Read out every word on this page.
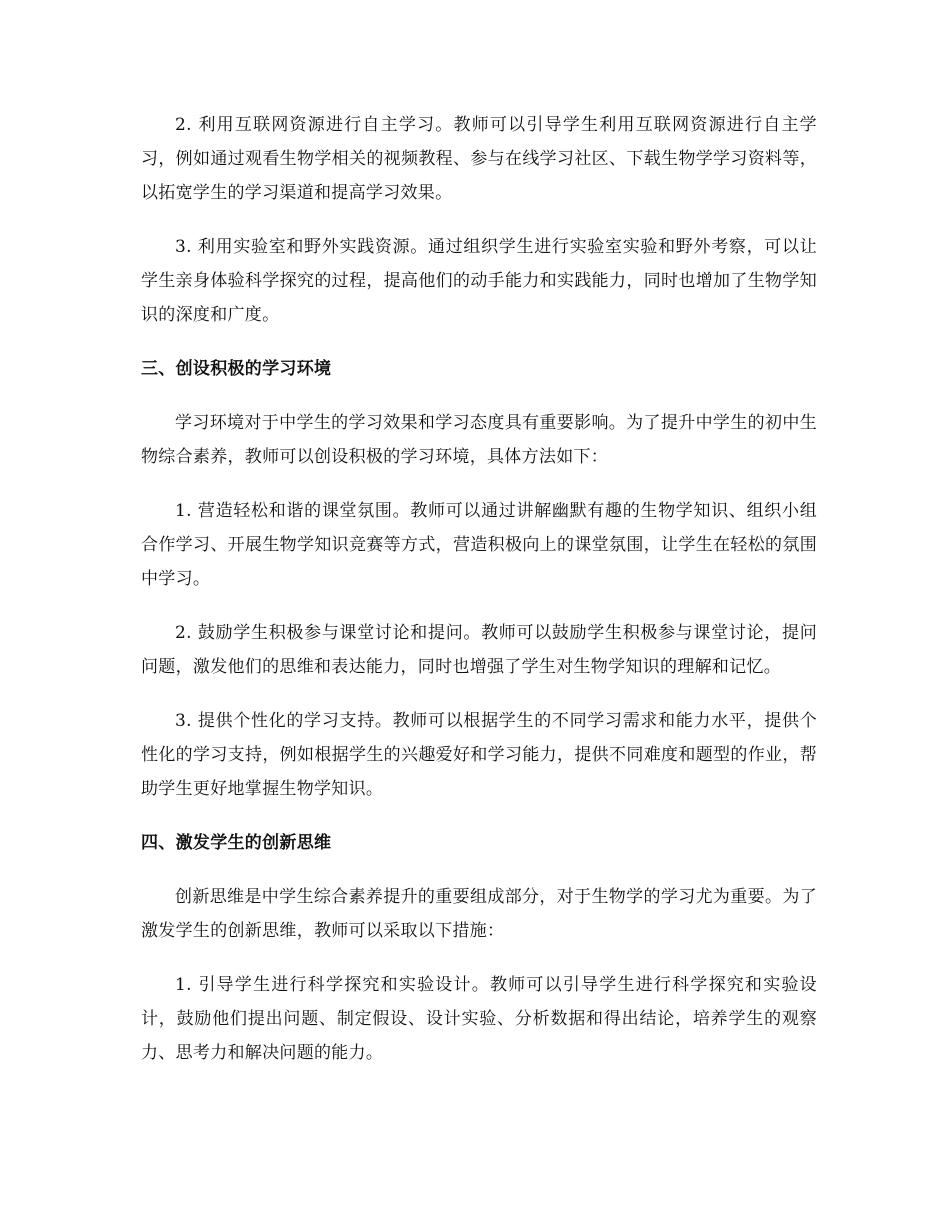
2. 利用互联网资源进行自主学习。教师可以引导学生利用互联网资源进行自主学习，例如通过观看生物学相关的视频教程、参与在线学习社区、下载生物学学习资料等，以拓宽学生的学习渠道和提高学习效果。

3. 利用实验室和野外实践资源。通过组织学生进行实验室实验和野外考察，可以让学生亲身体验科学探究的过程，提高他们的动手能力和实践能力，同时也增加了生物学知识的深度和广度。

三、创设积极的学习环境

学习环境对于中学生的学习效果和学习态度具有重要影响。为了提升中学生的初中生物综合素养，教师可以创设积极的学习环境，具体方法如下：

1. 营造轻松和谐的课堂氛围。教师可以通过讲解幽默有趣的生物学知识、组织小组合作学习、开展生物学知识竞赛等方式，营造积极向上的课堂氛围，让学生在轻松的氛围中学习。

2. 鼓励学生积极参与课堂讨论和提问。教师可以鼓励学生积极参与课堂讨论，提问问题，激发他们的思维和表达能力，同时也增强了学生对生物学知识的理解和记忆。

3. 提供个性化的学习支持。教师可以根据学生的不同学习需求和能力水平，提供个性化的学习支持，例如根据学生的兴趣爱好和学习能力，提供不同难度和题型的作业，帮助学生更好地掌握生物学知识。

四、激发学生的创新思维

创新思维是中学生综合素养提升的重要组成部分，对于生物学的学习尤为重要。为了激发学生的创新思维，教师可以采取以下措施：

1. 引导学生进行科学探究和实验设计。教师可以引导学生进行科学探究和实验设计，鼓励他们提出问题、制定假设、设计实验、分析数据和得出结论，培养学生的观察力、思考力和解决问题的能力。
